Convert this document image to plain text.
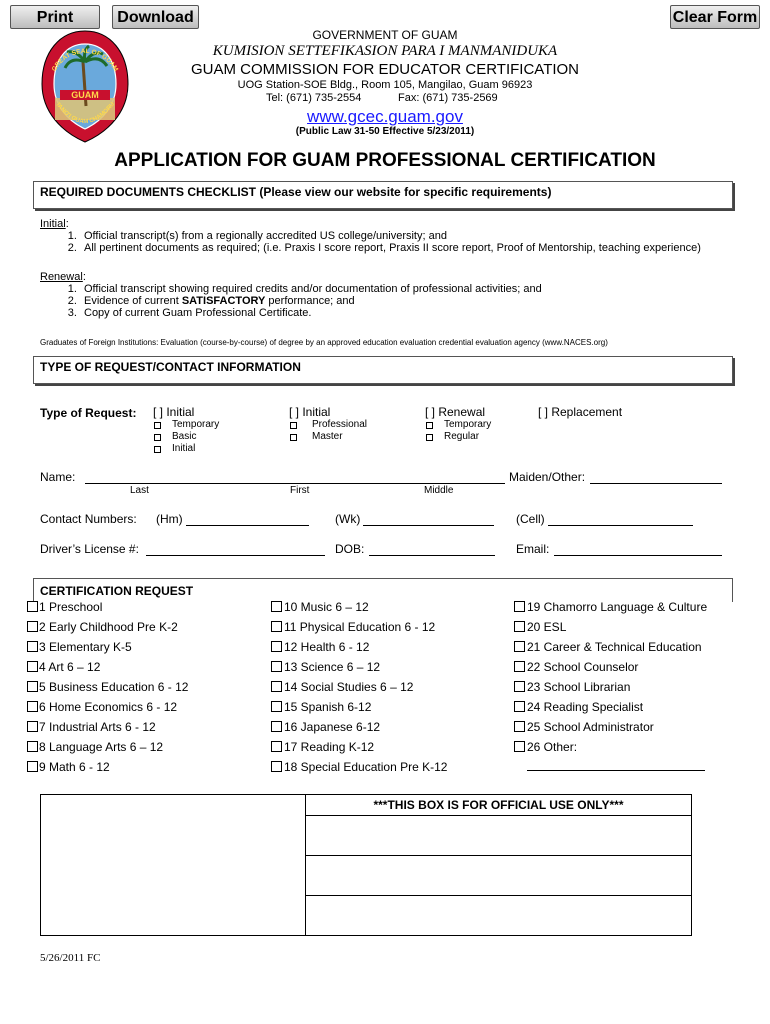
Print	Download	Clear Form
GUAM
GREAT SEAL OF GUAM
TANO'I GUAM CHAMORU
GOVERNMENT OF GUAM
KUMISION SETTEFIKASION PARA I MANMANIDUKA
GUAM COMMISSION FOR EDUCATOR CERTIFICATION
UOG Station-SOE Bldg., Room 105, Mangilao, Guam 96923
Tel: (671) 735-2554	Fax: (671) 735-2569
www.gcec.guam.gov
(Public Law 31-50 Effective 5/23/2011)
APPLICATION FOR GUAM PROFESSIONAL CERTIFICATION
REQUIRED DOCUMENTS CHECKLIST (Please view our website for specific requirements)
Initial:
1. Official transcript(s) from a regionally accredited US college/university; and
2. All pertinent documents as required; (i.e. Praxis I score report, Praxis II score report, Proof of Mentorship, teaching experience)
Renewal:
1. Official transcript showing required credits and/or documentation of professional activities; and
2. Evidence of current SATISFACTORY performance; and
3. Copy of current Guam Professional Certificate.
Graduates of Foreign Institutions: Evaluation (course-by-course) of degree by an approved education evaluation credential evaluation agency (www.NACES.org)
TYPE OF REQUEST/CONTACT INFORMATION
Type of Request: [ ] Initial	[ ] Initial	[ ] Renewal	[ ] Replacement
Temporary
Basic
Initial
Professional
Master
Temporary
Regular
Name:	Maiden/Other:
Last	First	Middle
Contact Numbers: (Hm)	(Wk)	(Cell)
Driver’s License #:	DOB:	Email:
CERTIFICATION REQUEST
1 Preschool
2 Early Childhood Pre K-2
3 Elementary K-5
4 Art 6 – 12
5 Business Education 6 - 12
6 Home Economics 6 - 12
7 Industrial Arts 6 - 12
8 Language Arts 6 – 12
9 Math 6 - 12
10 Music 6 – 12
11 Physical Education 6 - 12
12 Health 6 - 12
13 Science 6 – 12
14 Social Studies 6 – 12
15 Spanish 6-12
16 Japanese 6-12
17 Reading K-12
18 Special Education Pre K-12
19 Chamorro Language & Culture
20 ESL
21 Career & Technical Education
22 School Counselor
23 School Librarian
24 Reading Specialist
25 School Administrator
26 Other:
***THIS BOX IS FOR OFFICIAL USE ONLY***
5/26/2011 FC
